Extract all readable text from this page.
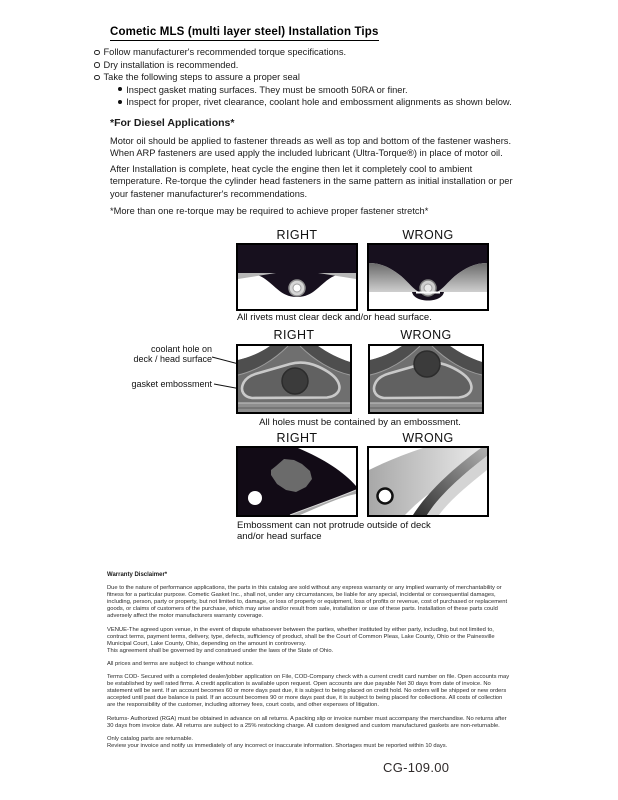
Cometic MLS (multi layer steel) Installation Tips
Follow manufacturer's recommended torque specifications.
Dry installation is recommended.
Take the following steps to assure a proper seal
Inspect gasket mating surfaces. They must be smooth 50RA or finer.
Inspect for proper, rivet clearance, coolant hole and embossment alignments as shown below.
*For Diesel Applications*
Motor oil should be applied to fastener threads as well as top and bottom of the fastener washers. When ARP fasteners are used apply the included lubricant (Ultra-Torque®) in place of motor oil.
After Installation is complete, heat cycle the engine then let it completely cool to ambient temperature. Re-torque the cylinder head fasteners in the same pattern as initial installation or per your fastener manufacturer's recommendations.
*More than one re-torque may be required to achieve proper fastener stretch*
RIGHT	WRONG
All rivets must clear deck and/or head surface.
RIGHT	WRONG
coolant hole on
deck / head surface
gasket embossment
All holes must be contained by an embossment.
RIGHT	WRONG
Embossment can not protrude outside of deck
and/or head surface
Warranty Disclaimer*

Due to the nature of performance applications, the parts in this catalog are sold without any express warranty or any implied warranty of merchantability or fitness for a particular purpose. Cometic Gasket Inc., shall not, under any circumstances, be liable for any special, incidental or consequential damages, including, person, party or property, but not limited to, damage, or loss of property or equipment, loss of profits or revenue, cost of purchased or replacement goods, or claims of customers of the purchase, which may arise and/or result from sale, installation or use of these parts. Installation of these parts could adversely affect the motor manufacturers warranty coverage.

VENUE-The agreed upon venue, in the event of dispute whatsoever between the parties, whether instituted by either party, including, but not limited to, contract terms, payment terms, delivery, type, defects, sufficiency of product, shall be the Court of Common Pleas, Lake County, Ohio or the Painesville Municipal Court, Lake County, Ohio, depending on the amount in controversy.
This agreement shall be governed by and construed under the laws of the State of Ohio.

All prices and terms are subject to change without notice.

Terms COD- Secured with a completed dealer/jobber application on File, COD-Company check with a current credit card number on file. Open accounts may be established by well rated firms. A credit application is available upon request. Open accounts are due payable Net 30 days from date of invoice. No statement will be sent. If an account becomes 60 or more days past due, it is subject to being placed on credit hold. No orders will be shipped or new orders accepted until past due balance is paid. If an account becomes 90 or more days past due, it is subject to being placed for collections. All costs of collection are the responsibility of the customer, including attorney fees, court costs, and other expenses of litigation.

Returns- Authorized (RGA) must be obtained in advance on all returns. A packing slip or invoice number must accompany the merchandise. No returns after 30 days from invoice date. All returns are subject to a 25% restocking charge. All custom designed and custom manufactured gaskets are non-returnable.

Only catalog parts are returnable.
Review your invoice and notify us immediately of any incorrect or inaccurate information. Shortages must be reported within 10 days.

CG-109.00
